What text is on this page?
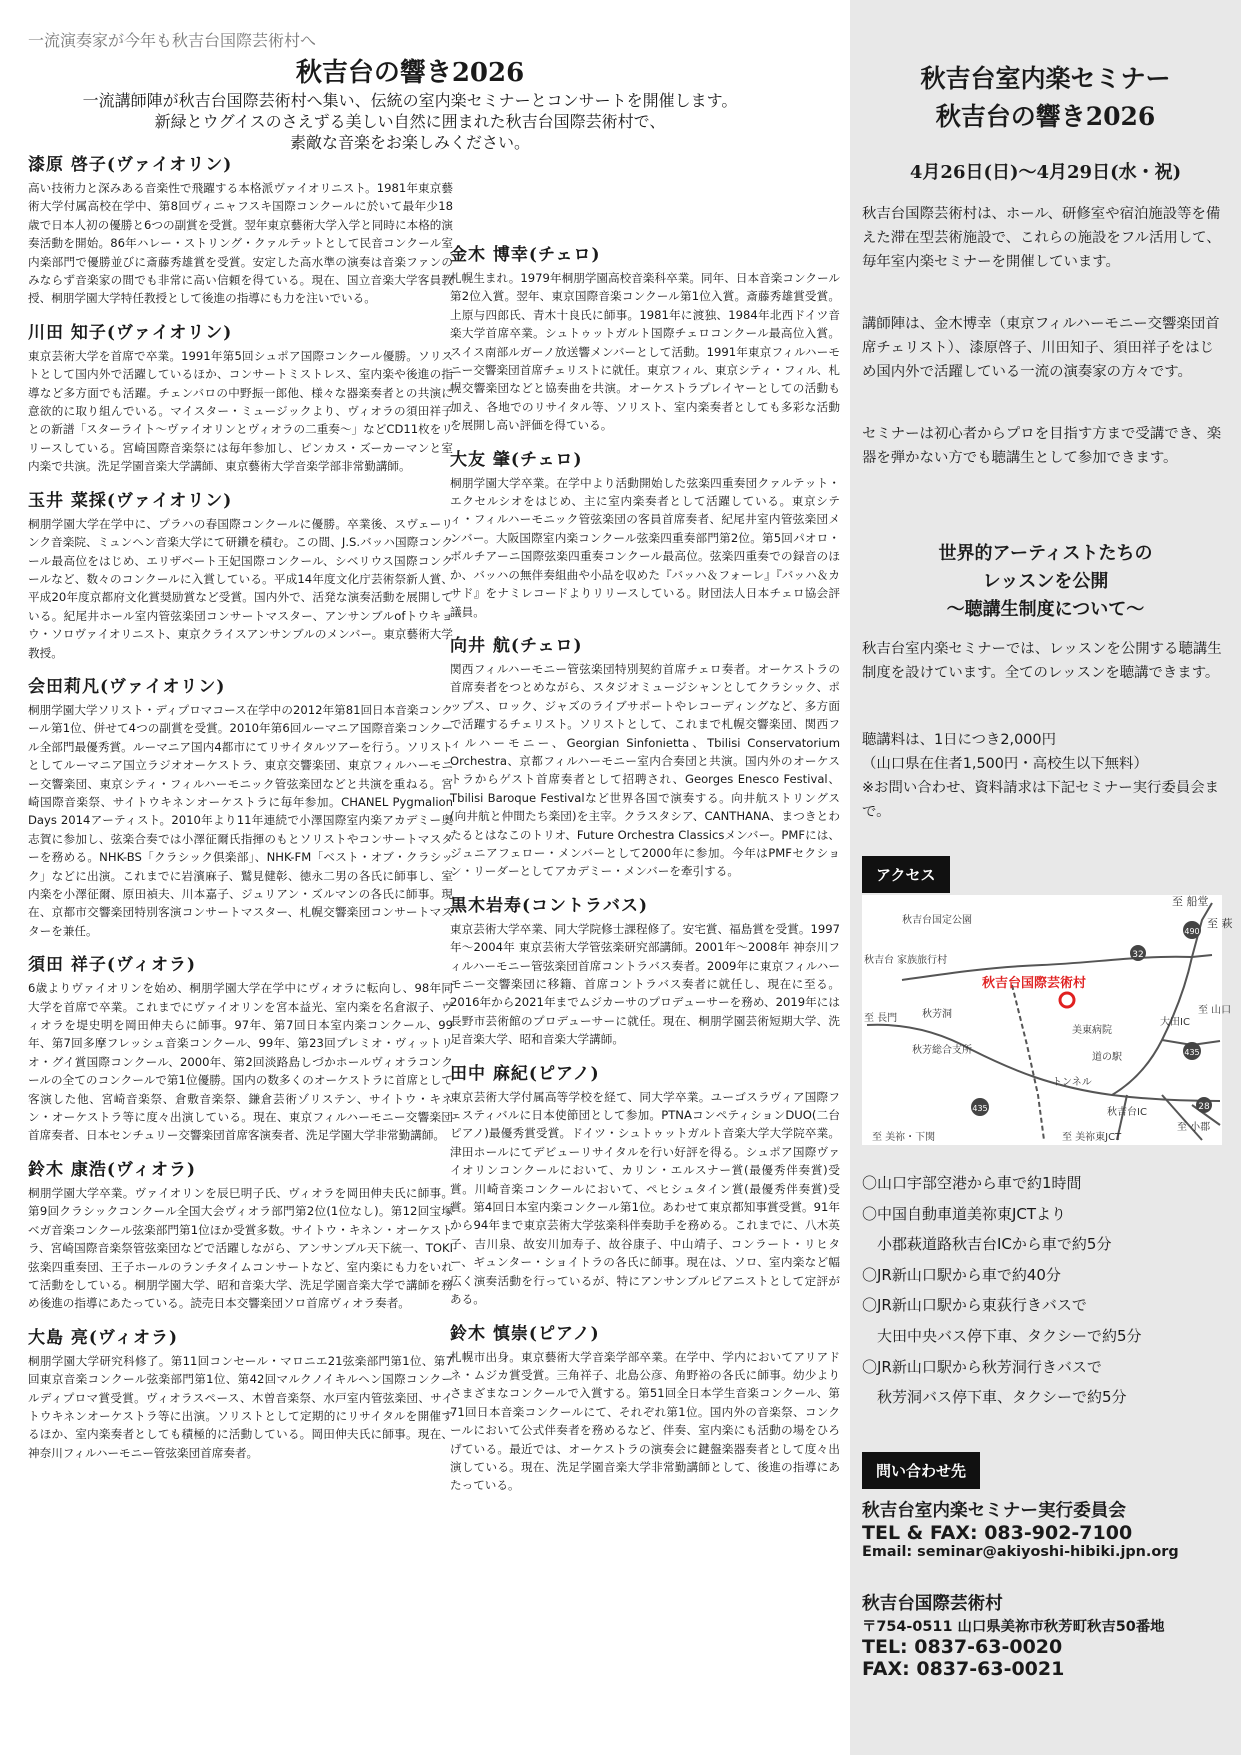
一流演奏家が今年も秋吉台国際芸術村へ
秋吉台の響き2026
一流講師陣が秋吉台国際芸術村へ集い、伝統の室内楽セミナーとコンサートを開催します。
新緑とウグイスのさえずる美しい自然に囲まれた秋吉台国際芸術村で、
素敵な音楽をお楽しみください。
漆原 啓子(ヴァイオリン)

高い技術力と深みある音楽性で飛躍する本格派ヴァイオリニスト。1981年東京藝術大学付属高校在学中、第8回ヴィニャフスキ国際コンクールに於いて最年少18歳で日本人初の優勝と6つの副賞を受賞。翌年東京藝術大学入学と同時に本格的演奏活動を開始。86年ハレー・ストリング・クァルテットとして民音コンクール室内楽部門で優勝並びに斎藤秀雄賞を受賞。安定した高水準の演奏は音楽ファンのみならず音楽家の間でも非常に高い信頼を得ている。現在、国立音楽大学客員教授、桐朋学園大学特任教授として後進の指導にも力を注いでいる。

川田 知子(ヴァイオリン)

東京芸術大学を首席で卒業。1991年第5回シュポア国際コンクール優勝。ソリストとして国内外で活躍しているほか、コンサートミストレス、室内楽や後進の指導など多方面でも活躍。チェンバロの中野振一郎他、様々な器楽奏者との共演に意欲的に取り組んでいる。マイスター・ミュージックより、ヴィオラの須田祥子との新譜「スターライト～ヴァイオリンとヴィオラの二重奏～」などCD11枚をリリースしている。宮崎国際音楽祭には毎年参加し、ピンカス・ズーカーマンと室内楽で共演。洗足学園音楽大学講師、東京藝術大学音楽学部非常勤講師。

玉井 菜採(ヴァイオリン)

桐朋学園大学在学中に、プラハの春国際コンクールに優勝。卒業後、スヴェーリンク音楽院、ミュンヘン音楽大学にて研鑽を積む。この間、J.S.バッハ国際コンクール最高位をはじめ、エリザベート王妃国際コンクール、シベリウス国際コンクールなど、数々のコンクールに入賞している。平成14年度文化庁芸術祭新人賞、平成20年度京都府文化賞奨励賞など受賞。国内外で、活発な演奏活動を展開している。紀尾井ホール室内管弦楽団コンサートマスター、アンサンブルofトウキョウ・ソロヴァイオリニスト、東京クライスアンサンブルのメンバー。東京藝術大学教授。

会田莉凡(ヴァイオリン)

桐朋学園大学ソリスト・ディプロマコース在学中の2012年第81回日本音楽コンクール第1位、併せて4つの副賞を受賞。2010年第6回ルーマニア国際音楽コンクール全部門最優秀賞。ルーマニア国内4都市にてリサイタルツアーを行う。ソリストとしてルーマニア国立ラジオオーケストラ、東京交響楽団、東京フィルハーモニー交響楽団、東京シティ・フィルハーモニック管弦楽団などと共演を重ねる。宮崎国際音楽祭、サイトウキネンオーケストラに毎年参加。CHANEL Pygmalion Days 2014アーティスト。2010年より11年連続で小澤国際室内楽アカデミー奥志賀に参加し、弦楽合奏では小澤征爾氏指揮のもとソリストやコンサートマスターを務める。NHK-BS「クラシック倶楽部」、NHK-FM「ベスト・オブ・クラシック」などに出演。これまでに岩濱麻子、鷲見健彰、徳永二男の各氏に師事し、室内楽を小澤征爾、原田禎夫、川本嘉子、ジュリアン・ズルマンの各氏に師事。現在、京都市交響楽団特別客演コンサートマスター、札幌交響楽団コンサートマスターを兼任。

須田 祥子(ヴィオラ)

6歳よりヴァイオリンを始め、桐朋学園大学在学中にヴィオラに転向し、98年同大学を首席で卒業。これまでにヴァイオリンを宮本益光、室内楽を名倉淑子、ヴィオラを堤史明を岡田伸夫らに師事。97年、第7回日本室内楽コンクール、99年、第7回多摩フレッシュ音楽コンクール、99年、第23回プレミオ・ヴィットリオ・グイ賞国際コンクール、2000年、第2回淡路島しづかホールヴィオラコンクールの全てのコンクールで第1位優勝。国内の数多くのオーケストラに首席として客演した他、宮崎音楽祭、倉敷音楽祭、鎌倉芸術ゾリステン、サイトウ・キネン・オーケストラ等に度々出演している。現在、東京フィルハーモニー交響楽団首席奏者、日本センチュリー交響楽団首席客演奏者、洗足学園大学非常勤講師。

鈴木 康浩(ヴィオラ)

桐朋学園大学卒業。ヴァイオリンを辰巳明子氏、ヴィオラを岡田伸夫氏に師事。第9回クラシックコンクール全国大会ヴィオラ部門第2位(1位なし)。第12回宝塚ベガ音楽コンクール弦楽部門第1位ほか受賞多数。サイトウ・キネン・オーケストラ、宮崎国際音楽祭管弦楽団などで活躍しながら、アンサンブル天下統一、TOKI弦楽四重奏団、王子ホールのランチタイムコンサートなど、室内楽にも力をいれて活動をしている。桐朋学園大学、昭和音楽大学、洗足学園音楽大学で講師を務め後進の指導にあたっている。読売日本交響楽団ソロ首席ヴィオラ奏者。

大島 亮(ヴィオラ)

桐朋学園大学研究科修了。第11回コンセール・マロニエ21弦楽部門第1位、第7回東京音楽コンクール弦楽部門第1位、第42回マルクノイキルヘン国際コンクールディプロマ賞受賞。ヴィオラスペース、木曽音楽祭、水戸室内管弦楽団、サイトウキネンオーケストラ等に出演。ソリストとして定期的にリサイタルを開催するほか、室内楽奏者としても積極的に活動している。岡田伸夫氏に師事。現在、神奈川フィルハーモニー管弦楽団首席奏者。

金木 博幸(チェロ)

札幌生まれ。1979年桐朋学園高校音楽科卒業。同年、日本音楽コンクール第2位入賞。翌年、東京国際音楽コンクール第1位入賞。斎藤秀雄賞受賞。上原与四郎氏、青木十良氏に師事。1981年に渡独、1984年北西ドイツ音楽大学首席卒業。シュトゥットガルト国際チェロコンクール最高位入賞。スイス南部ルガーノ放送響メンバーとして活動。1991年東京フィルハーモニー交響楽団首席チェリストに就任。東京フィル、東京シティ・フィル、札幌交響楽団などと協奏曲を共演。オーケストラプレイヤーとしての活動も加え、各地でのリサイタル等、ソリスト、室内楽奏者としても多彩な活動を展開し高い評価を得ている。

大友 肇(チェロ)

桐朋学園大学卒業。在学中より活動開始した弦楽四重奏団クァルテット・エクセルシオをはじめ、主に室内楽奏者として活躍している。東京シティ・フィルハーモニック管弦楽団の客員首席奏者、紀尾井室内管弦楽団メンバー。大阪国際室内楽コンクール弦楽四重奏部門第2位。第5回パオロ・ボルチアーニ国際弦楽四重奏コンクール最高位。弦楽四重奏での録音のほか、バッハの無伴奏組曲や小品を収めた『バッハ＆フォーレ』『バッハ＆カサド』をナミレコードよりリリースしている。財団法人日本チェロ協会評議員。

向井 航(チェロ)

関西フィルハーモニー管弦楽団特別契約首席チェロ奏者。オーケストラの首席奏者をつとめながら、スタジオミュージシャンとしてクラシック、ポップス、ロック、ジャズのライブサポートやレコーディングなど、多方面で活躍するチェリスト。ソリストとして、これまで札幌交響楽団、関西フィルハーモニー、Georgian Sinfonietta、Tbilisi Conservatorium Orchestra、京都フィルハーモニー室内合奏団と共演。国内外のオーケストラからゲスト首席奏者として招聘され、Georges Enesco Festival、Tbilisi Baroque Festivalなど世界各国で演奏する。向井航ストリングス(向井航と仲間たち楽団)を主宰。クラスタシア、CANTHANA、まつきとわたるとはなこのトリオ、Future Orchestra Classicsメンバー。PMFには、ジュニアフェロー・メンバーとして2000年に参加。今年はPMFセクション・リーダーとしてアカデミー・メンバーを牽引する。

黒木岩寿(コントラバス)

東京芸術大学卒業、同大学院修士課程修了。安宅賞、福島賞を受賞。1997年～2004年 東京芸術大学管弦楽研究部講師。2001年～2008年 神奈川フィルハーモニー管弦楽団首席コントラバス奏者。2009年に東京フィルハーモニー交響楽団に移籍、首席コントラバス奏者に就任し、現在に至る。2016年から2021年までムジカーサのプロデューサーを務め、2019年には長野市芸術館のプロデューサーに就任。現在、桐朋学園芸術短期大学、洗足音楽大学、昭和音楽大学講師。

田中 麻紀(ピアノ)

東京芸術大学付属高等学校を経て、同大学卒業。ユーゴスラヴィア国際フェスティバルに日本使節団として参加。PTNAコンペティションDUO(二台ピアノ)最優秀賞受賞。ドイツ・シュトゥットガルト音楽大学大学院卒業。津田ホールにてデビューリサイタルを行い好評を得る。シュポア国際ヴァイオリンコンクールにおいて、カリン・エルスナー賞(最優秀伴奏賞)受賞。川崎音楽コンクールにおいて、ペヒシュタイン賞(最優秀伴奏賞)受賞。第4回日本室内楽コンクール第1位。あわせて東京都知事賞受賞。91年から94年まで東京芸術大学弦楽科伴奏助手を務める。これまでに、八木英子、吉川泉、故安川加寿子、故谷康子、中山靖子、コンラート・リヒター、ギュンター・ショイトラの各氏に師事。現在は、ソロ、室内楽など幅広く演奏活動を行っているが、特にアンサンブルピアニストとして定評がある。

鈴木 慎崇(ピアノ)

札幌市出身。東京藝術大学音楽学部卒業。在学中、学内においてアリアドネ・ムジカ賞受賞。三角祥子、北島公彦、角野裕の各氏に師事。幼少よりさまざまなコンクールで入賞する。第51回全日本学生音楽コンクール、第71回日本音楽コンクールにて、それぞれ第1位。国内外の音楽祭、コンクールにおいて公式伴奏者を務めるなど、伴奏、室内楽にも活動の場をひろげている。最近では、オーケストラの演奏会に鍵盤楽器奏者として度々出演している。現在、洗足学園音楽大学非常勤講師として、後進の指導にあたっている。

秋吉台室内楽セミナー
秋吉台の響き2026
4月26日(日)～4月29日(水・祝)
秋吉台国際芸術村は、ホール、研修室や宿泊施設等を備えた滞在型芸術施設で、これらの施設をフル活用して、毎年室内楽セミナーを開催しています。
講師陣は、金木博幸（東京フィルハーモニー交響楽団首席チェリスト）、漆原啓子、川田知子、須田祥子をはじめ国内外で活躍している一流の演奏家の方々です。
セミナーは初心者からプロを目指す方まで受講でき、楽器を弾かない方でも聴講生として参加できます。
世界的アーティストたちの
レッスンを公開
～聴講生制度について～
秋吉台室内楽セミナーでは、レッスンを公開する聴講生制度を設けています。全てのレッスンを聴講できます。
聴講料は、1日につき2,000円
（山口県在住者1,500円・高校生以下無料）
※お問い合わせ、資料請求は下記セミナー実行委員会まで。
アクセス
秋吉台国際芸術村
至 船堂
至 萩
秋吉台国定公園
秋吉台 家族旅行村
至 長門 秋芳洞
秋芳総合支所
美東病院
道の駅
トンネル
秋吉台IC
至 美祢・下関	至 美祢東JCT
至 小郡
至 山口
大田IC
32
490
435
435
28
〇山口宇部空港から車で約1時間
〇中国自動車道美祢東JCTより
　小郡萩道路秋吉台ICから車で約5分
〇JR新山口駅から車で約40分
〇JR新山口駅から東荻行きバスで
　大田中央バス停下車、タクシーで約5分
〇JR新山口駅から秋芳洞行きバスで
　秋芳洞バス停下車、タクシーで約5分
問い合わせ先
秋吉台室内楽セミナー実行委員会
TEL & FAX: 083-902-7100
Email: seminar@akiyoshi-hibiki.jpn.org
秋吉台国際芸術村
〒754-0511 山口県美祢市秋芳町秋吉50番地
TEL: 0837-63-0020
FAX: 0837-63-0021
